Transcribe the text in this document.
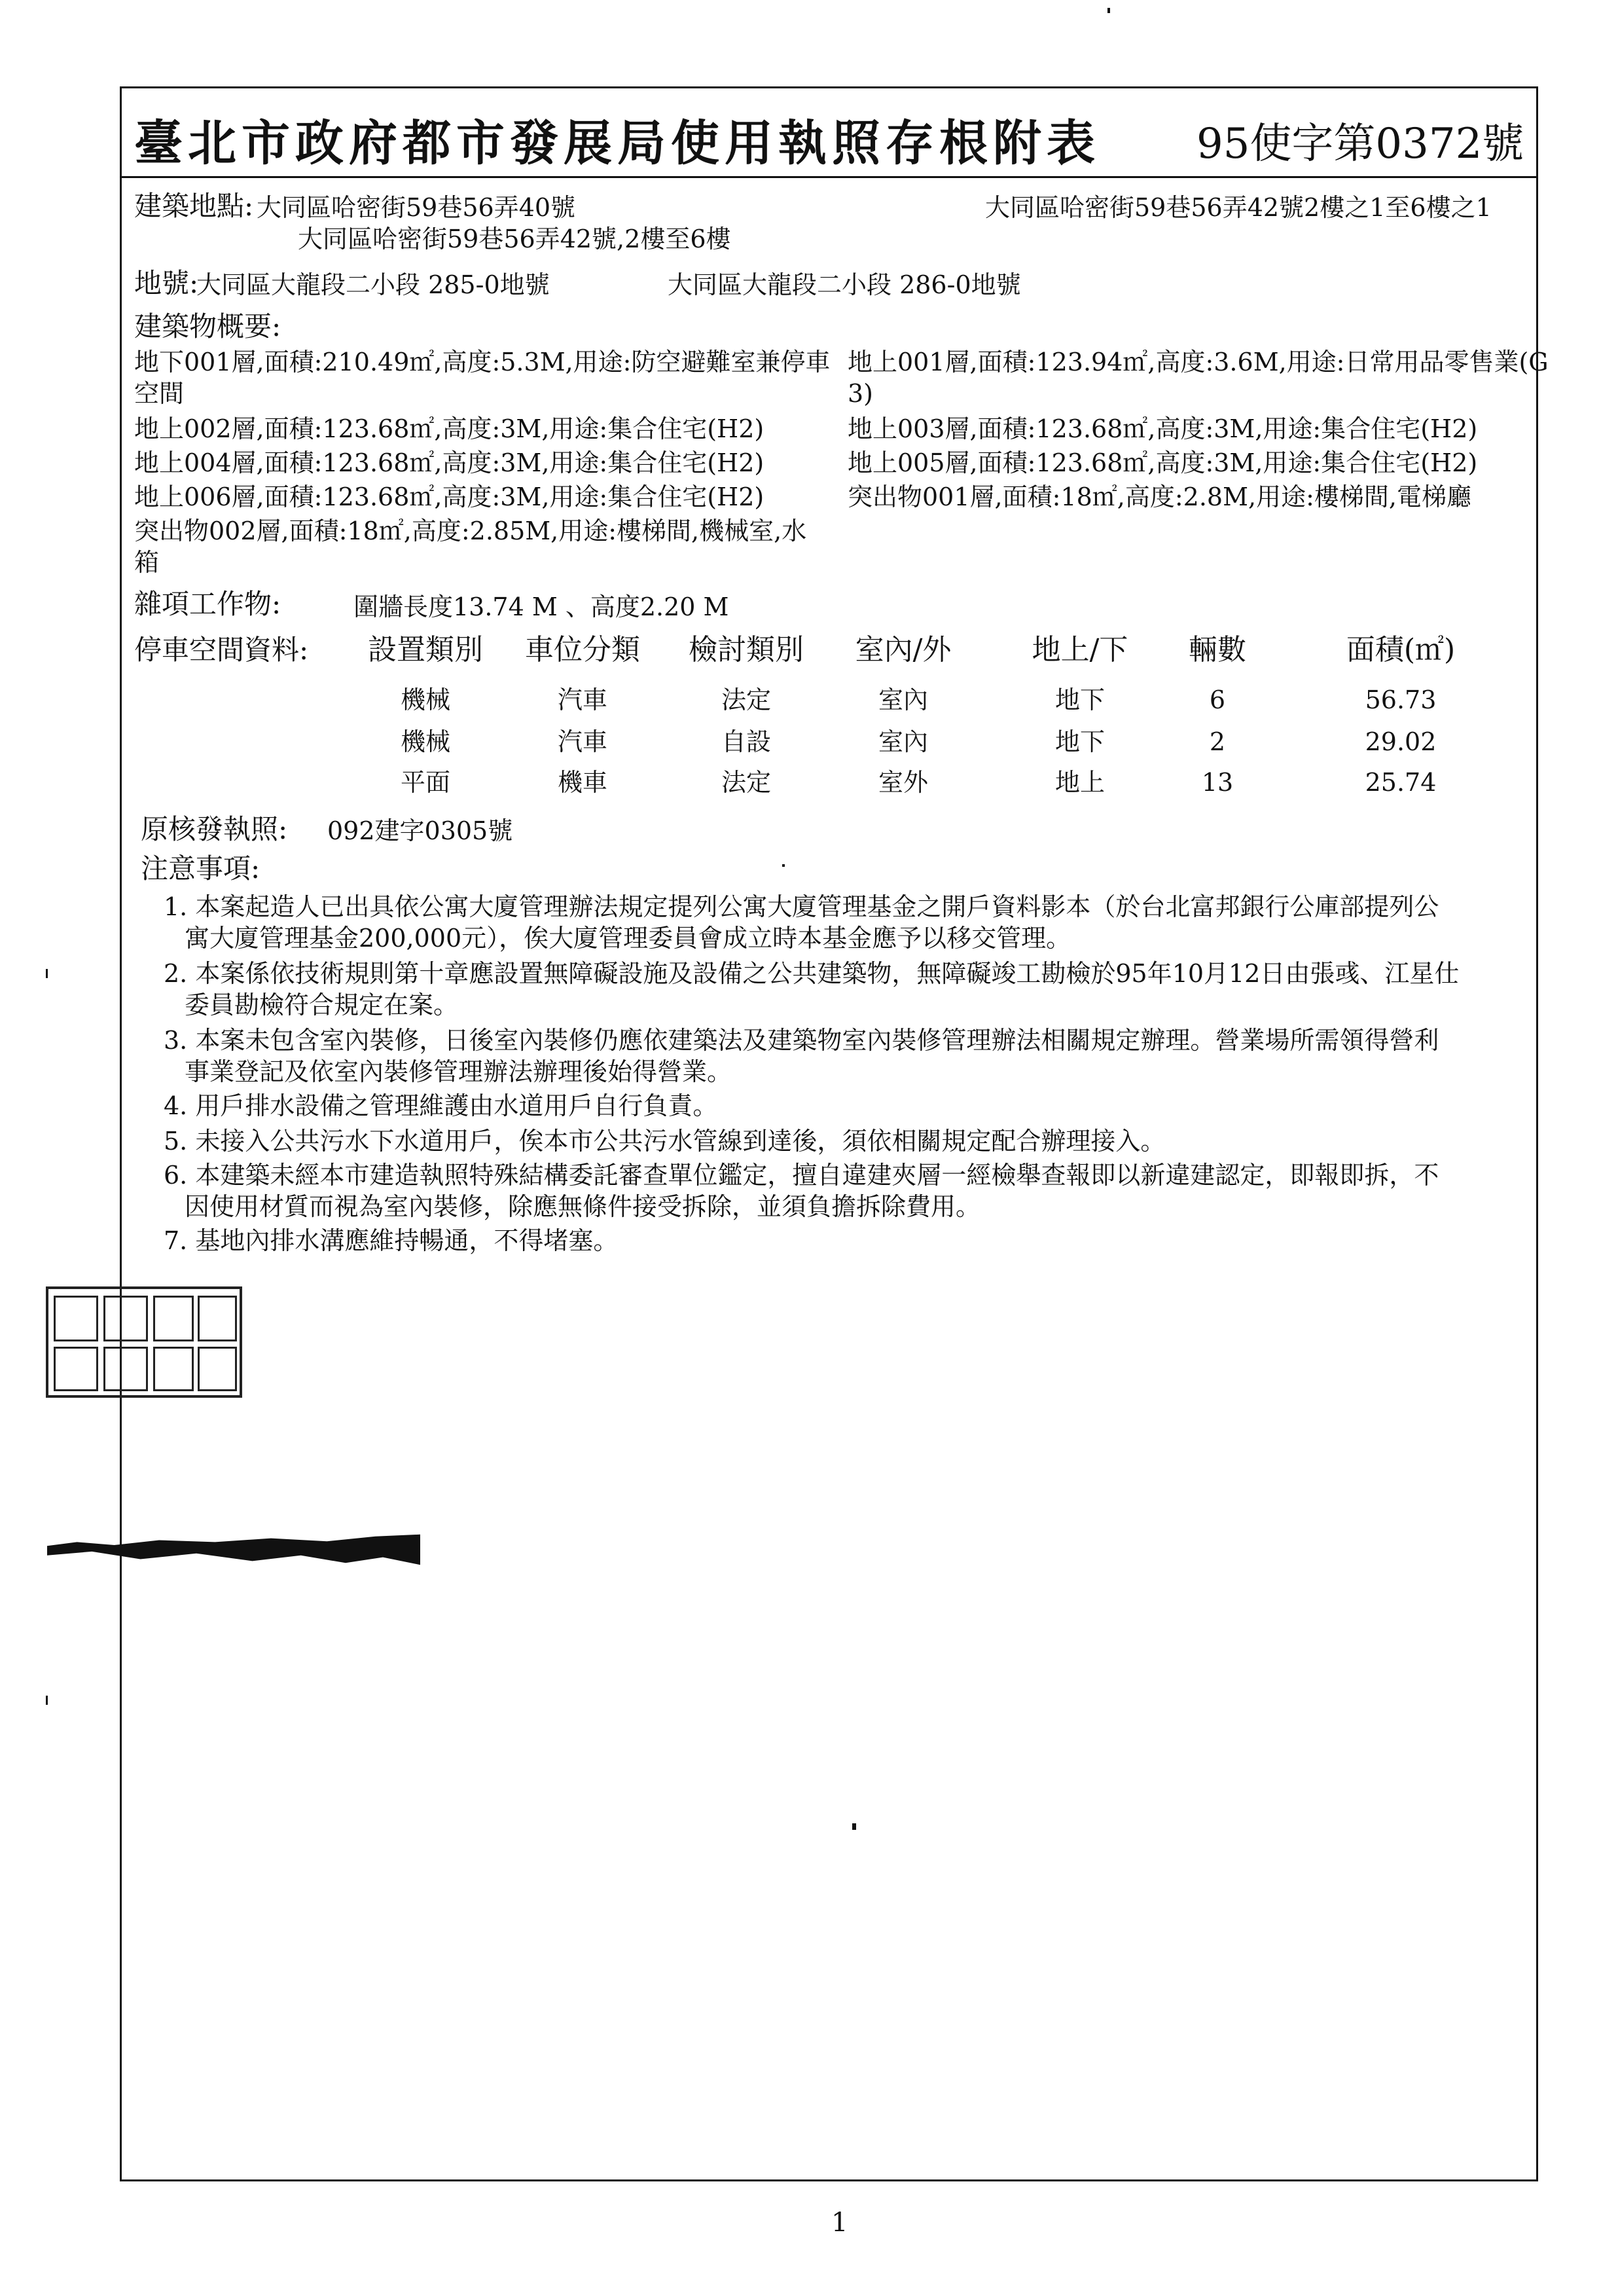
臺北市政府都市發展局使用執照存根附表 95使字第0372號
建築地點: 大同區哈密街59巷56弄40號
大同區哈密街59巷56弄42號,2樓至6樓
大同區哈密街59巷56弄42號2樓之1至6樓之1
地號:
大同區大龍段二小段 285-0地號	大同區大龍段二小段 286-0地號
建築物概要:
地下001層,面積:210.49㎡,高度:5.3M,用途:防空避難室兼停車
空間
地上001層,面積:123.94㎡,高度:3.6M,用途:日常用品零售業(G
3)
地上002層,面積:123.68㎡,高度:3M,用途:集合住宅(H2)	地上003層,面積:123.68㎡,高度:3M,用途:集合住宅(H2)
地上004層,面積:123.68㎡,高度:3M,用途:集合住宅(H2)	地上005層,面積:123.68㎡,高度:3M,用途:集合住宅(H2)
地上006層,面積:123.68㎡,高度:3M,用途:集合住宅(H2)	突出物001層,面積:18㎡,高度:2.8M,用途:樓梯間,電梯廳
突出物002層,面積:18㎡,高度:2.85M,用途:樓梯間,機械室,水
箱
雜項工作物:	圍牆長度13.74 M 、高度2.20 M
停車空間資料: 設置類別 車位分類 檢討類別	室內/外	地上/下	輛數	面積(㎡)
機械	汽車	法定	室內	地下	6	56.73
機械	汽車	自設	室內	地下	2	29.02
平面	機車	法定	室外	地上	13	25.74
原核發執照: 092建字0305號
注意事項:
1. 本案起造人已出具依公寓大廈管理辦法規定提列公寓大廈管理基金之開戶資料影本（於台北富邦銀行公庫部提列公
寓大廈管理基金200,000元），俟大廈管理委員會成立時本基金應予以移交管理。
2. 本案係依技術規則第十章應設置無障礙設施及設備之公共建築物，無障礙竣工勘檢於95年10月12日由張彧、江星仕
委員勘檢符合規定在案。
3. 本案未包含室內裝修，日後室內裝修仍應依建築法及建築物室內裝修管理辦法相關規定辦理。營業場所需領得營利
事業登記及依室內裝修管理辦法辦理後始得營業。
4. 用戶排水設備之管理維護由水道用戶自行負責。
5. 未接入公共污水下水道用戶，俟本市公共污水管線到達後，須依相關規定配合辦理接入。
6. 本建築未經本市建造執照特殊結構委託審查單位鑑定，擅自違建夾層一經檢舉查報即以新違建認定，即報即拆，不
因使用材質而視為室內裝修，除應無條件接受拆除，並須負擔拆除費用。
7. 基地內排水溝應維持暢通，不得堵塞。
1
